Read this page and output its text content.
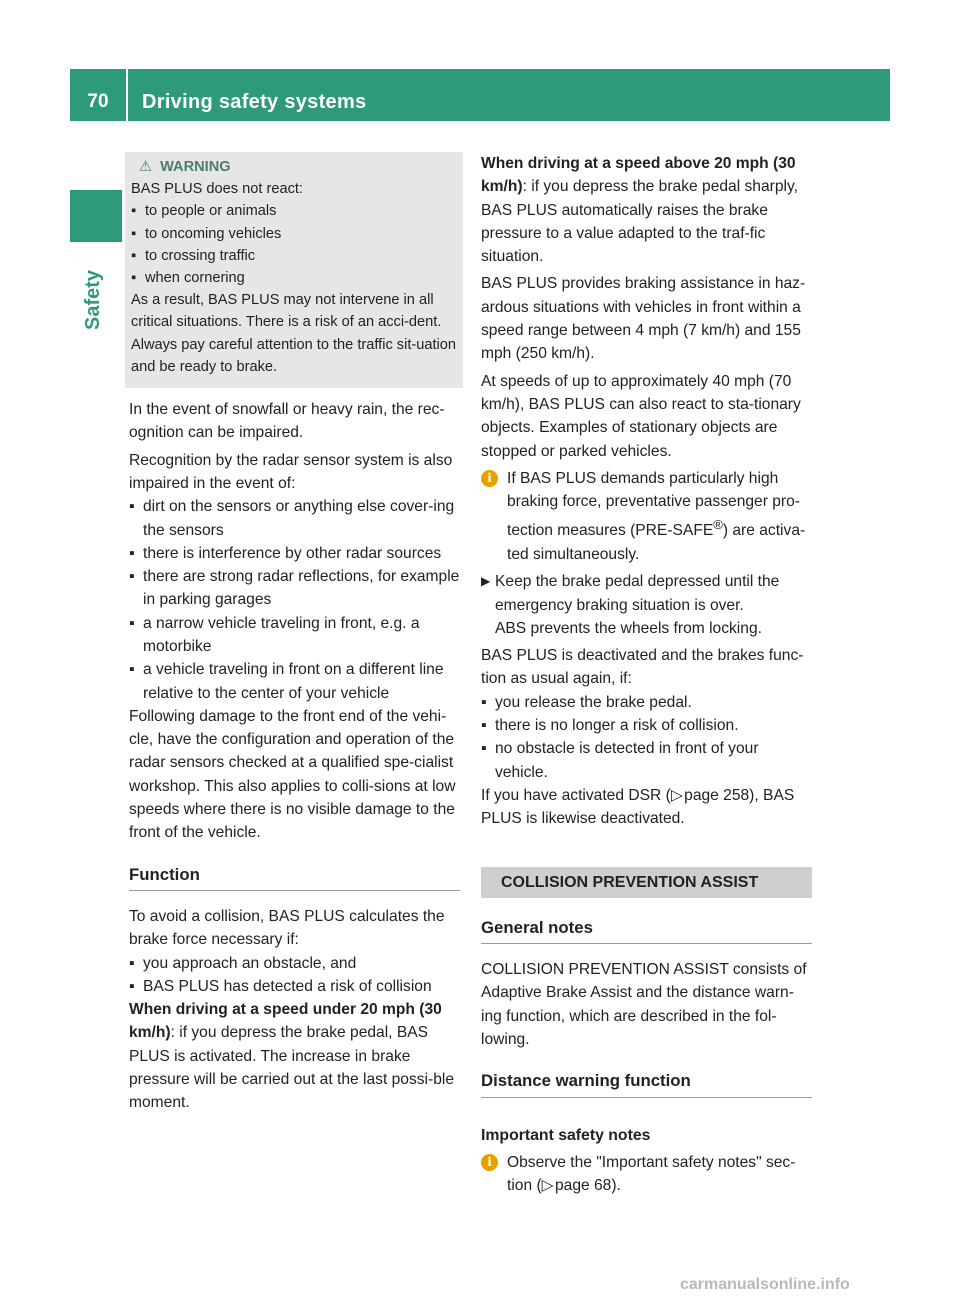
70	Driving safety systems
Safety
⚠ WARNING

BAS PLUS does not react:

▪ to people or animals
▪ to oncoming vehicles
▪ to crossing traffic
▪ when cornering

As a result, BAS PLUS may not intervene in all critical situations. There is a risk of an acci-dent.

Always pay careful attention to the traffic sit-uation and be ready to brake.

In the event of snowfall or heavy rain, the rec-ognition can be impaired.

Recognition by the radar sensor system is also impaired in the event of:

▪ dirt on the sensors or anything else cover-ing the sensors
▪ there is interference by other radar sources
▪ there are strong radar reflections, for example in parking garages
▪ a narrow vehicle traveling in front, e.g. a motorbike
▪ a vehicle traveling in front on a different line relative to the center of your vehicle

Following damage to the front end of the vehi-cle, have the configuration and operation of the radar sensors checked at a qualified spe-cialist workshop. This also applies to colli-sions at low speeds where there is no visible damage to the front of the vehicle.

Function

To avoid a collision, BAS PLUS calculates the brake force necessary if:

▪ you approach an obstacle, and
▪ BAS PLUS has detected a risk of collision

When driving at a speed under 20 mph (30 km/h): if you depress the brake pedal, BAS PLUS is activated. The increase in brake pressure will be carried out at the last possi-ble moment.

When driving at a speed above 20 mph (30 km/h): if you depress the brake pedal sharply, BAS PLUS automatically raises the brake pressure to a value adapted to the traf-fic situation.

BAS PLUS provides braking assistance in haz-ardous situations with vehicles in front within a speed range between 4 mph (7 km/h) and 155 mph (250 km/h).

At speeds of up to approximately 40 mph (70 km/h), BAS PLUS can also react to sta-tionary objects. Examples of stationary objects are stopped or parked vehicles.

i If BAS PLUS demands particularly high braking force, preventative passenger pro-tection measures (PRE-SAFE®) are activa-ted simultaneously.
▶ Keep the brake pedal depressed until the emergency braking situation is over.
ABS prevents the wheels from locking.

BAS PLUS is deactivated and the brakes func-tion as usual again, if:

▪ you release the brake pedal.
▪ there is no longer a risk of collision.
▪ no obstacle is detected in front of your vehicle.

If you have activated DSR (▷ page 258), BAS PLUS is likewise deactivated.

COLLISION PREVENTION ASSIST
General notes

COLLISION PREVENTION ASSIST consists of Adaptive Brake Assist and the distance warn-ing function, which are described in the fol-lowing.

Distance warning function
Important safety notes
i Observe the "Important safety notes" sec-tion (▷ page 68).
carmanualsonline.info
